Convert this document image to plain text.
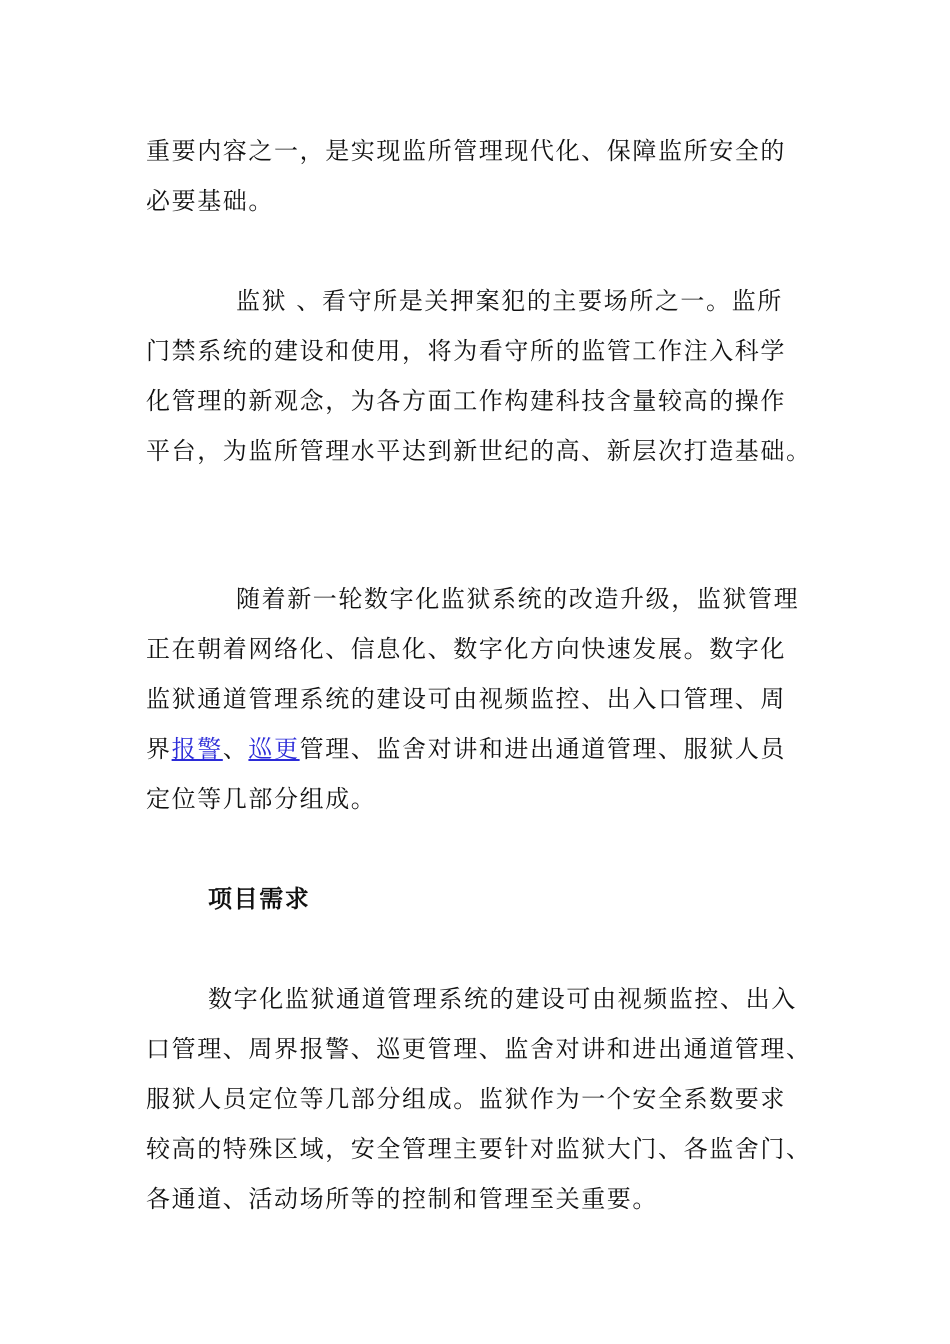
重要内容之一，是实现监所管理现代化、保障监所安全的
必要基础。

监狱 、看守所是关押案犯的主要场所之一。监所
门禁系统的建设和使用，将为看守所的监管工作注入科学
化管理的新观念，为各方面工作构建科技含量较高的操作
平台，为监所管理水平达到新世纪的高、新层次打造基础。

随着新一轮数字化监狱系统的改造升级，监狱管理
正在朝着网络化、信息化、数字化方向快速发展。数字化
监狱通道管理系统的建设可由视频监控、出入口管理、周
界报警、巡更管理、监舍对讲和进出通道管理、服狱人员
定位等几部分组成。

项目需求

数字化监狱通道管理系统的建设可由视频监控、出入
口管理、周界报警、巡更管理、监舍对讲和进出通道管理、
服狱人员定位等几部分组成。监狱作为一个安全系数要求
较高的特殊区域，安全管理主要针对监狱大门、各监舍门、
各通道、活动场所等的控制和管理至关重要。
